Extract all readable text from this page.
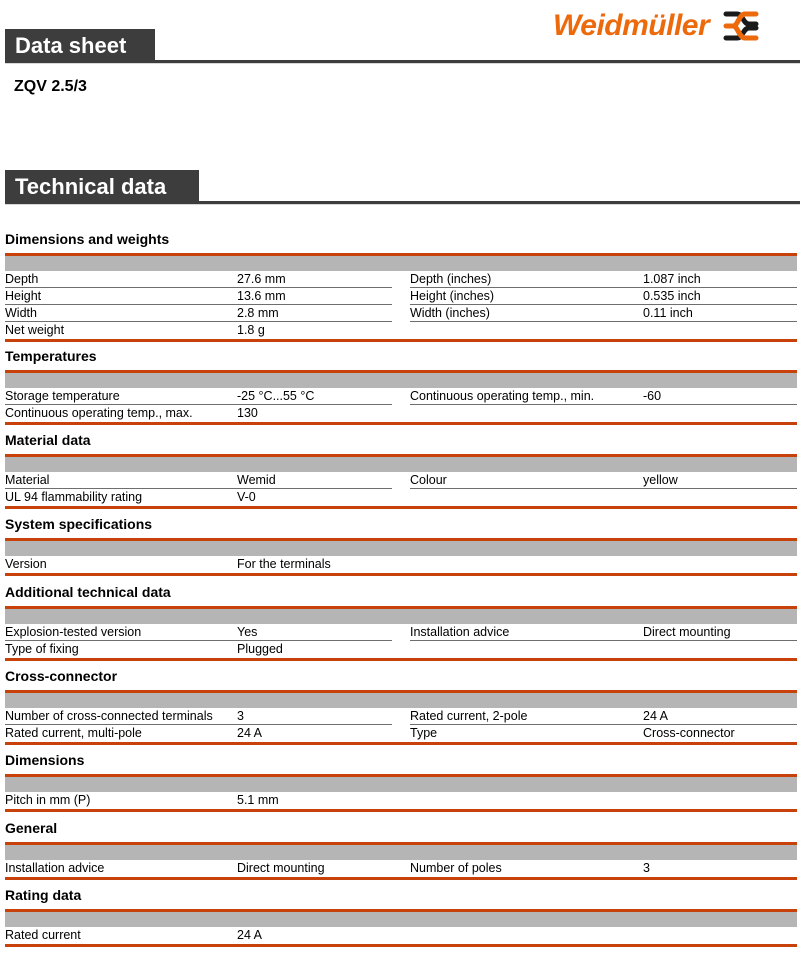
Weidmüller
Data sheet
ZQV 2.5/3
Technical data
Dimensions and weights
Depth	27.6 mm	Depth (inches)	1.087 inch
Height	13.6 mm	Height (inches)	0.535 inch
Width	2.8 mm	Width (inches)	0.11 inch
Net weight	1.8 g
Temperatures
Storage temperature	-25 °C...55 °C	Continuous operating temp., min.	-60
Continuous operating temp., max.	130
Material data
Material	Wemid	Colour	yellow
UL 94 flammability rating	V-0
System specifications
Version	For the terminals
Additional technical data
Explosion-tested version	Yes	Installation advice	Direct mounting
Type of fixing	Plugged
Cross-connector
Number of cross-connected terminals 3	Rated current, 2-pole	24 A
Rated current, multi-pole	24 A	Type	Cross-connector
Dimensions
Pitch in mm (P)	5.1 mm
General
Installation advice	Direct mounting	Number of poles	3
Rating data
Rated current	24 A
